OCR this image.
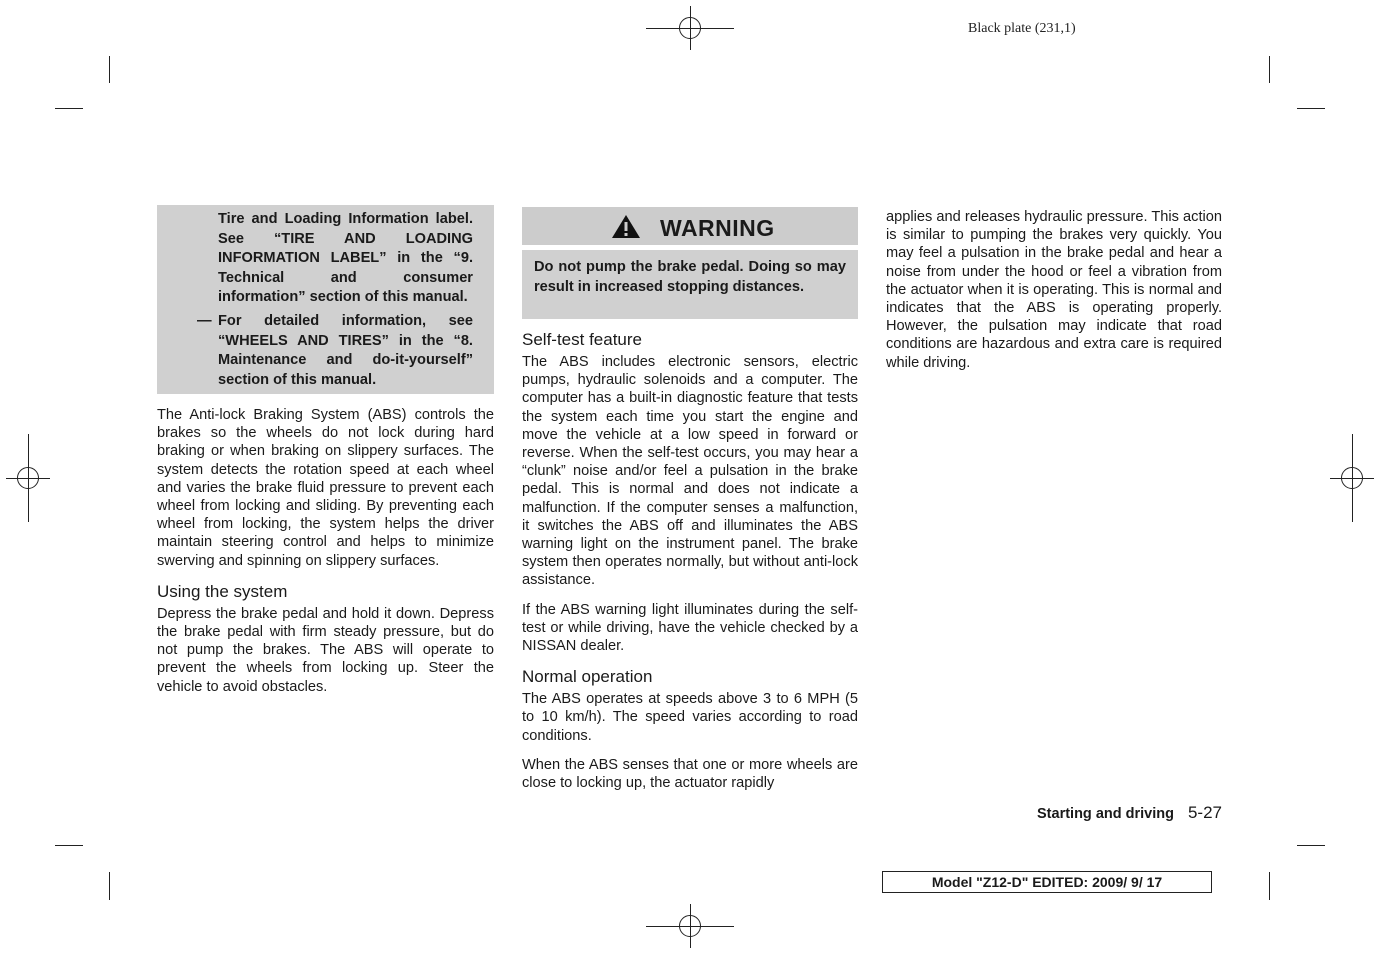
Black plate (231,1)
Tire and Loading Information label. See “TIRE AND LOADING INFORMATION LABEL” in the “9. Technical and consumer information” section of this manual.
— For detailed information, see “WHEELS AND TIRES” in the “8. Maintenance and do-it-yourself” section of this manual.

The Anti-lock Braking System (ABS) controls the brakes so the wheels do not lock during hard braking or when braking on slippery surfaces. The system detects the rotation speed at each wheel and varies the brake fluid pressure to prevent each wheel from locking and sliding. By preventing each wheel from locking, the system helps the driver maintain steering control and helps to minimize swerving and spinning on slippery surfaces.

Using the system

Depress the brake pedal and hold it down. Depress the brake pedal with firm steady pressure, but do not pump the brakes. The ABS will operate to prevent the wheels from locking up. Steer the vehicle to avoid obstacles.

WARNING
Do not pump the brake pedal. Doing so may result in increased stopping distances.
Self-test feature

The ABS includes electronic sensors, electric pumps, hydraulic solenoids and a computer. The computer has a built-in diagnostic feature that tests the system each time you start the engine and move the vehicle at a low speed in forward or reverse. When the self-test occurs, you may hear a “clunk” noise and/or feel a pulsation in the brake pedal. This is normal and does not indicate a malfunction. If the computer senses a malfunction, it switches the ABS off and illuminates the ABS warning light on the instrument panel. The brake system then operates normally, but without anti-lock assistance.

If the ABS warning light illuminates during the self-test or while driving, have the vehicle checked by a NISSAN dealer.

Normal operation

The ABS operates at speeds above 3 to 6 MPH (5 to 10 km/h). The speed varies according to road conditions.

When the ABS senses that one or more wheels are close to locking up, the actuator rapidly

applies and releases hydraulic pressure. This action is similar to pumping the brakes very quickly. You may feel a pulsation in the brake pedal and hear a noise from under the hood or feel a vibration from the actuator when it is operating. This is normal and indicates that the ABS is operating properly. However, the pulsation may indicate that road conditions are hazardous and extra care is required while driving.

Starting and driving 5-27
Model "Z12-D" EDITED: 2009/ 9/ 17
